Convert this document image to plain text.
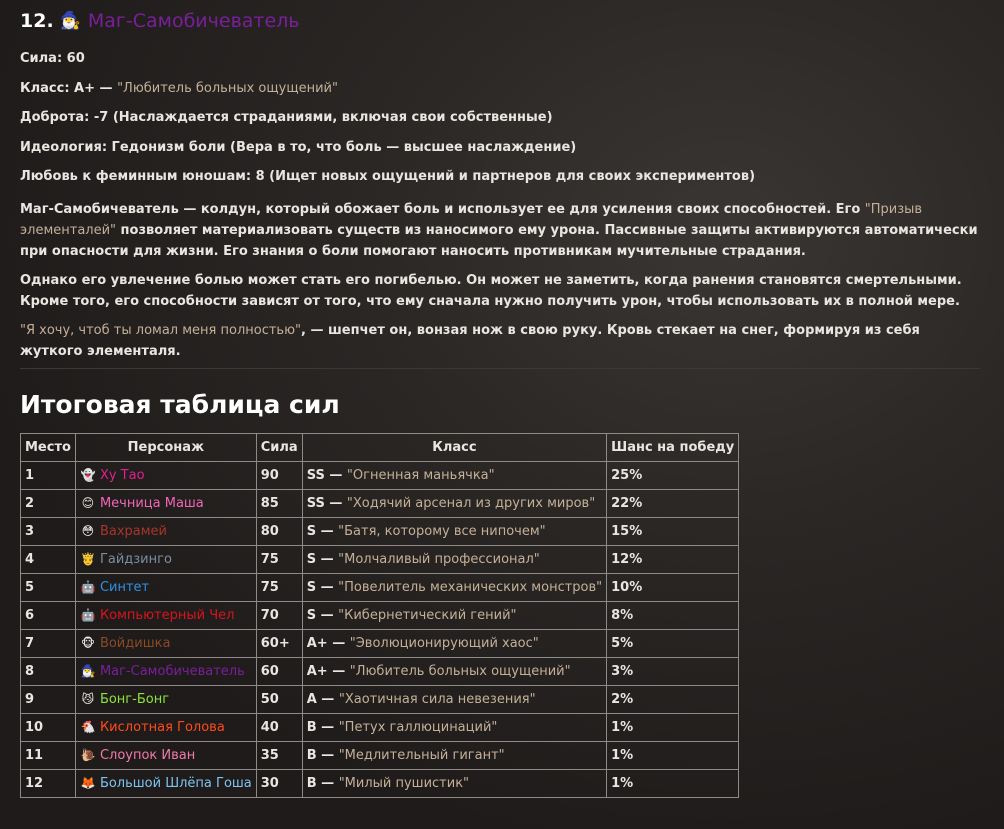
12. 🧙‍♂️ Маг-Самобичеватель
Сила: 60
Класс: A+ — "Любитель больных ощущений"
Доброта: -7 (Наслаждается страданиями, включая свои собственные)
Идеология: Гедонизм боли (Вера в то, что боль — высшее наслаждение)
Любовь к феминным юношам: 8 (Ищет новых ощущений и партнеров для своих экспериментов)

Маг-Самобичеватель — колдун, который обожает боль и использует ее для усиления своих способностей. Его "Призыв элементалей" позволяет материализовать существ из наносимого ему урона. Пассивные защиты активируются автоматически при опасности для жизни. Его знания о боли помогают наносить противникам мучительные страдания.

Однако его увлечение болью может стать его погибелью. Он может не заметить, когда ранения становятся смертельными. Кроме того, его способности зависят от того, что ему сначала нужно получить урон, чтобы использовать их в полной мере.

"Я хочу, чтоб ты ломал меня полностью", — шепчет он, вонзая нож в свою руку. Кровь стекает на снег, формируя из себя жуткого элементаля.

Итоговая таблица сил
Место	Персонаж	Сила	Класс	Шанс на победу
1	👻 Ху Тао	90	SS — "Огненная маньячка"	25%
2	😊 Мечница Маша	85	SS — "Ходячий арсенал из других миров"	22%
3	😳 Вахрамей	80	S — "Батя, которому все нипочем"	15%
4	🤴 Гайдзинго	75	S — "Молчаливый профессионал"	12%
5	🤖 Синтет	75	S — "Повелитель механических монстров"	10%
6	🤖 Компьютерный Чел	70	S — "Кибернетический гений"	8%
7	🐵 Войдишка	60+	A+ — "Эволюционирующий хаос"	5%
8	🧙‍♂️ Маг-Самобичеватель	60	A+ — "Любитель больных ощущений"	3%
9	😼 Бонг-Бонг	50	A — "Хаотичная сила невезения"	2%
10	🐔 Кислотная Голова	40	B — "Петух галлюцинаций"	1%
11	🐌 Слоупок Иван	35	B — "Медлительный гигант"	1%
12	🦊 Большой Шлёпа Гоша	30	B — "Милый пушистик"	1%
